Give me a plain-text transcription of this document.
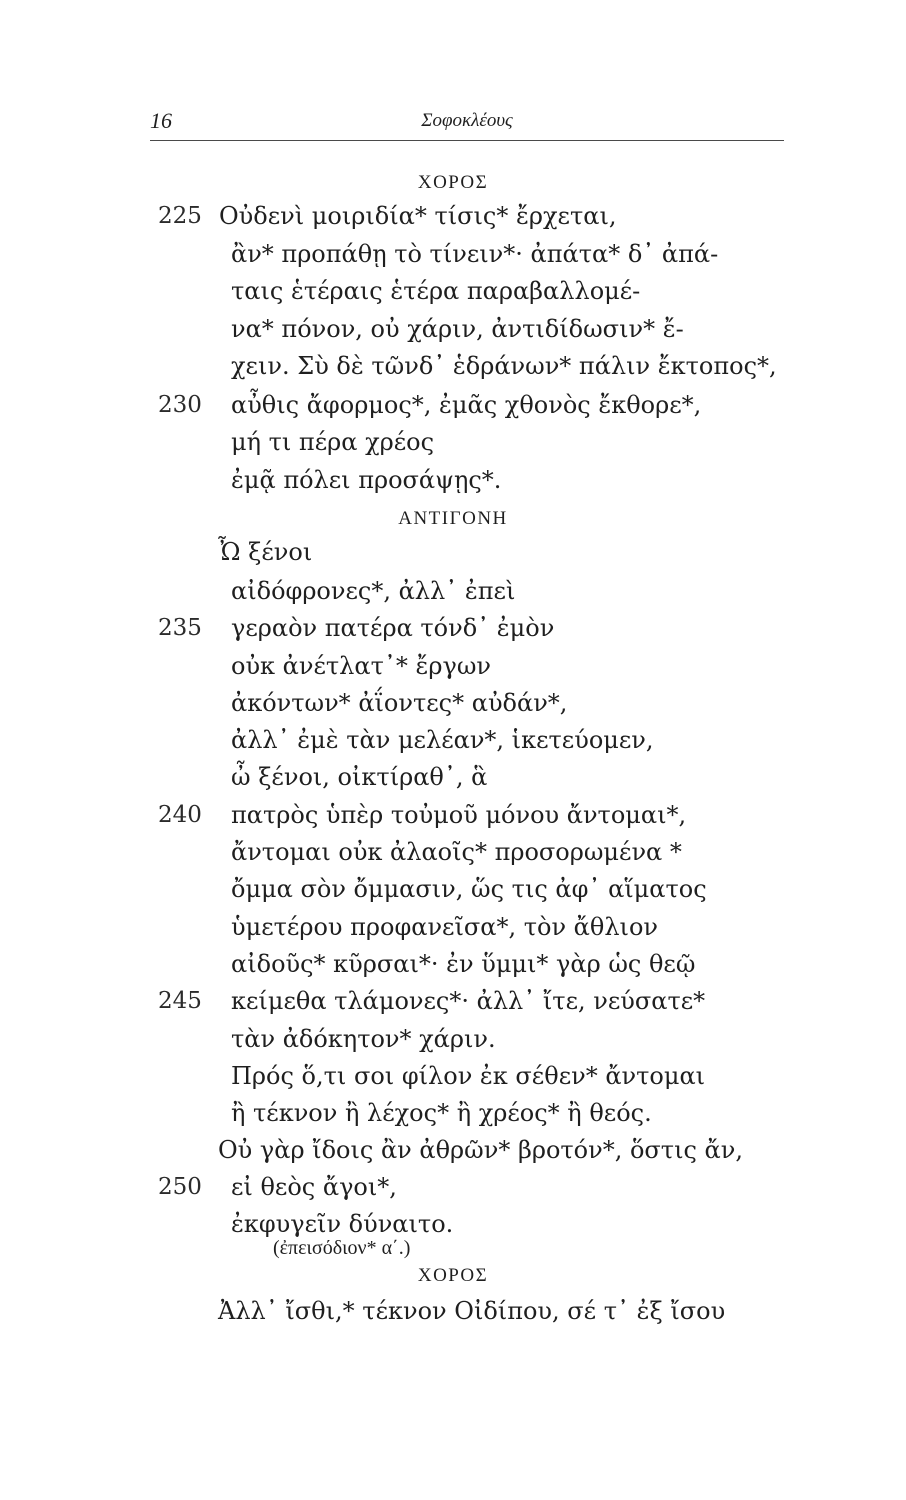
16	Σοφοκλέους
ΧΟΡΟΣ
225 Οὐδενὶ μοιριδία* τίσις* ἔρχεται,
ἂν* προπάθῃ τὸ τίνειν*· ἀπάτα* δ᾽ ἀπά-
ταις ἑτέραις ἑτέρα παραβαλλομέ-
να* πόνον, οὐ χάριν, ἀντιδίδωσιν* ἔ-
χειν. Σὺ δὲ τῶνδ᾽ ἑδράνων* πάλιν ἔκτοπος*,
230	αὖθις ἄφορμος*, ἐμᾶς χθονὸς ἔκθορε*,
μή τι πέρα χρέος
ἐμᾷ πόλει προσάψῃς*.
ΑΝΤΙΓΟΝΗ
Ὦ ξένοι
αἰδόφρονες*, ἀλλ᾽ ἐπεὶ
235	γεραὸν πατέρα τόνδ᾽ ἐμὸν
οὐκ ἀνέτλατ᾽* ἔργων
ἀκόντων* ἀΐοντες* αὐδάν*,
ἀλλ᾽ ἐμὲ τὰν μελέαν*, ἱκετεύομεν,
ὦ ξένοι, οἰκτίραθ᾽, ἃ
240	πατρὸς ὑπὲρ τοὐμοῦ μόνου ἄντομαι*,
ἄντομαι οὐκ ἀλαοῖς* προσορωμένα *
ὄμμα σὸν ὄμμασιν, ὥς τις ἀφ᾽ αἵματος
ὑμετέρου προφανεῖσα*, τὸν ἄθλιον
αἰδοῦς* κῦρσαι*· ἐν ὕμμι* γὰρ ὡς θεῷ
245	κείμεθα τλάμονες*· ἀλλ᾽ ἴτε, νεύσατε*
τὰν ἀδόκητον* χάριν.
Πρός ὅ,τι σοι φίλον ἐκ σέθεν* ἄντομαι
ἢ τέκνον ἢ λέχος* ἢ χρέος* ἢ θεός.
Οὐ γὰρ ἴδοις ἂν ἀθρῶν* βροτόν*, ὅστις ἄν,
250	εἰ θεὸς ἄγοι*,
ἐκφυγεῖν δύναιτο.
(ἐπεισόδιον* α΄.)
ΧΟΡΟΣ
Ἀλλ᾽ ἴσθι,* τέκνον Οἰδίπου, σέ τ᾽ ἐξ ἴσου
